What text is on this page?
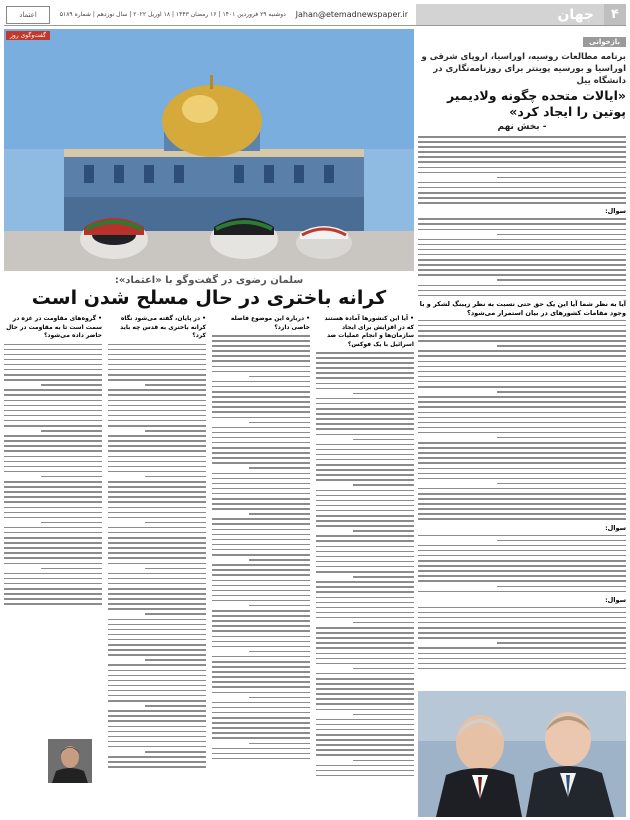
۴
جهان
Jahan@etemadnewspaper.ir
دوشنبه ۲۹ فروردین ۱۴۰۱ | ۱۶ رمضان ۱۴۴۳ | ۱۸ آوریل ۲۰۲۲ | سال نوزدهم | شماره ۵۱۸۹
اعتماد
بازخوانی
برنامه مطالعات روسیه، اوراسیا، اروپای شرقی و اوراسیا و بورسیه پوینتر برای روزنامه‌نگاری در دانشگاه ییل
«ایالات متحده چگونه ولادیمیر پوتین را ایجاد کرد»
- بخش نهم
سوال:
آیا به نظر شما آیا این یک حق حتی نسبت به نظر زیبنگ لشکر و با وجود مقامات کشورهای در بیان استمرار می‌شود؟
سوال:
سوال:
گفت‌وگوی روز
سلمان رضوی در گفت‌وگو با «اعتماد»:
کرانه باختری در حال مسلح شدن است
• آیا این کنشورها آماده هستند که در افزایش برای ایجاد سازمان‌ها و انجام عملیات ضد اسرائیل با یک فوکس؟
• درباره این موضوع فاصله خاصی دارد؟
• در پایان، گفته می‌شود نگاه کرانه باختری به قدس چه باید کرد؟
• گروه‌های مقاومت در غزه در سمت است تا به مقاومت در حال حاضر داده می‌شود؟
